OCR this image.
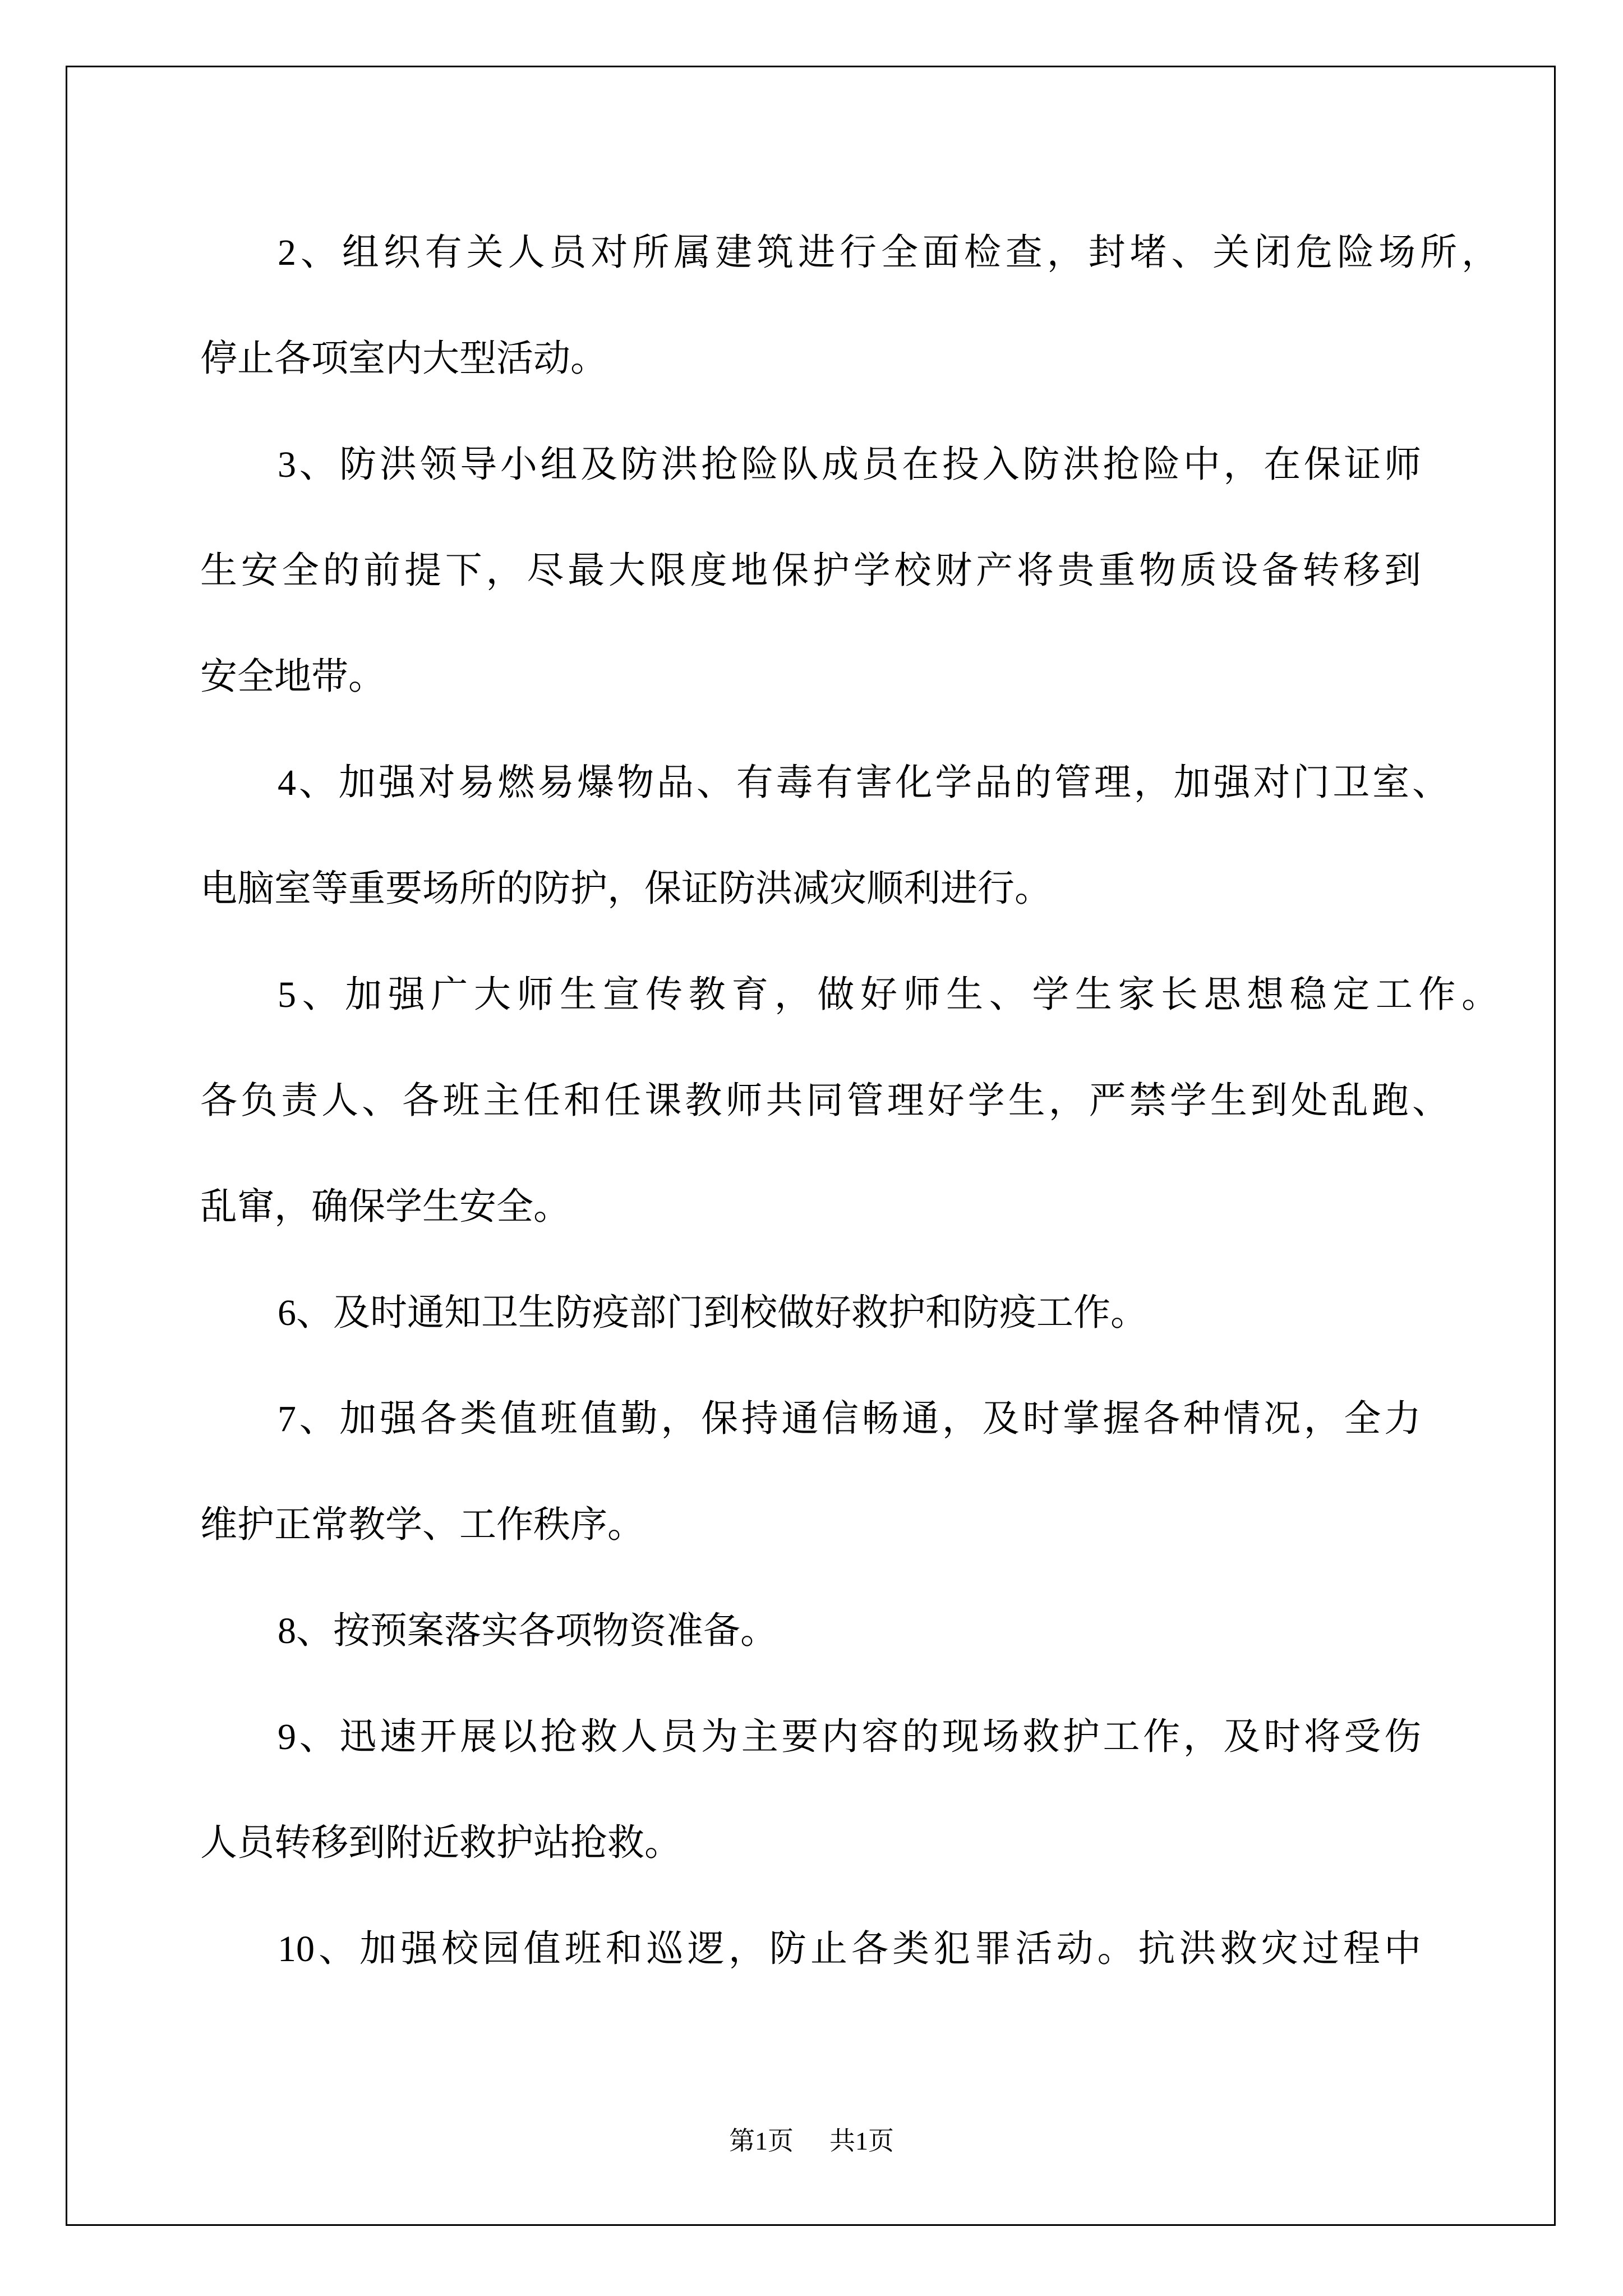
2、组织有关人员对所属建筑进行全面检查，封堵、关闭危险场所，
停止各项室内大型活动。
3、防洪领导小组及防洪抢险队成员在投入防洪抢险中，在保证师
生安全的前提下，尽最大限度地保护学校财产将贵重物质设备转移到
安全地带。
4、加强对易燃易爆物品、有毒有害化学品的管理，加强对门卫室、
电脑室等重要场所的防护，保证防洪减灾顺利进行。
5、加强广大师生宣传教育，做好师生、学生家长思想稳定工作。
各负责人、各班主任和任课教师共同管理好学生，严禁学生到处乱跑、
乱窜，确保学生安全。
6、及时通知卫生防疫部门到校做好救护和防疫工作。
7、加强各类值班值勤，保持通信畅通，及时掌握各种情况，全力
维护正常教学、工作秩序。
8、按预案落实各项物资准备。
9、迅速开展以抢救人员为主要内容的现场救护工作，及时将受伤
人员转移到附近救护站抢救。
10、加强校园值班和巡逻，防止各类犯罪活动。抗洪救灾过程中
第1页 共1页
